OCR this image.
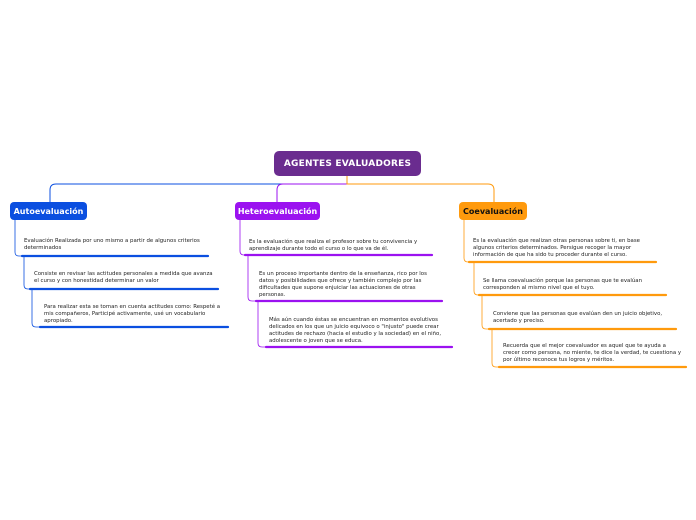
AGENTES EVALUADORES
Autoevaluación	Heteroevaluación	Coevaluación
Evaluación Realizada por uno mismo a partir de algunos criterios determinados
Consiste en revisar las actitudes personales a medida que avanza el curso y con honestidad determinar un valor
Para realizar esta se toman en cuenta actitudes como: Respeté a mis compañeros, Participé activamente, usé un vocabulario apropiado.
Es la evaluación que realiza el profesor sobre tu convivencia y aprendizaje durante todo el curso o lo que va de él.
Es un proceso importante dentro de la enseñanza, rico por los datos y posibilidades que ofrece y también complejo por las dificultades que supone enjuiciar las actuaciones de otras personas.
Más aún cuando éstas se encuentran en momentos evolutivos delicados en los que un juicio equivoco o "injusto" puede crear actitudes de rechazo (hacia el estudio y la sociedad) en el niño, adolescente o joven que se educa.
Es la evaluación que realizan otras personas sobre ti, en base algunos criterios determinados. Persigue recoger la mayor información de que ha sido tu proceder durante el curso.
Se llama coevaluación porque las personas que te evalúan corresponden al mismo nivel que el tuyo.
Conviene que las personas que evalúan den un juicio objetivo, acertado y preciso.
Recuerda que el mejor coevaluador es aquel que te ayuda a crecer como persona, no miente, te dice la verdad, te cuestiona y por último reconoce tus logros y méritos.
